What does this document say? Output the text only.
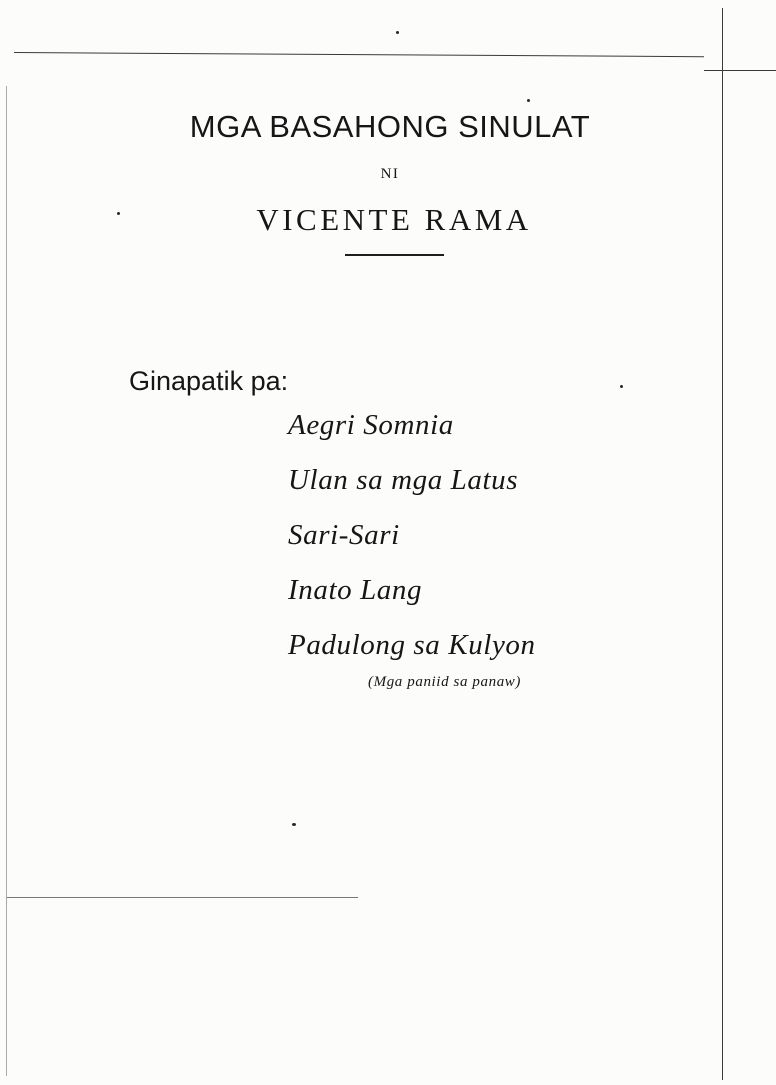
MGA BASAHONG SINULAT
NI
VICENTE RAMA
Ginapatik pa:
Aegri Somnia
Ulan sa mga Latus
Sari-Sari
Inato Lang
Padulong sa Kulyon
(Mga paniid sa panaw)
